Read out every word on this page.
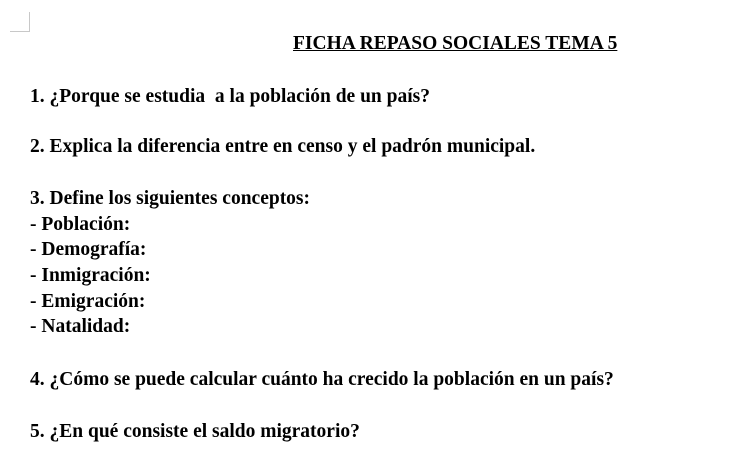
FICHA REPASO SOCIALES TEMA 5
1. ¿Porque se estudia  a la población de un país?
2. Explica la diferencia entre en censo y el padrón municipal.
3. Define los siguientes conceptos:
- Población:
- Demografía:
- Inmigración:
- Emigración:
- Natalidad:
4. ¿Cómo se puede calcular cuánto ha crecido la población en un país?
5. ¿En qué consiste el saldo migratorio?
